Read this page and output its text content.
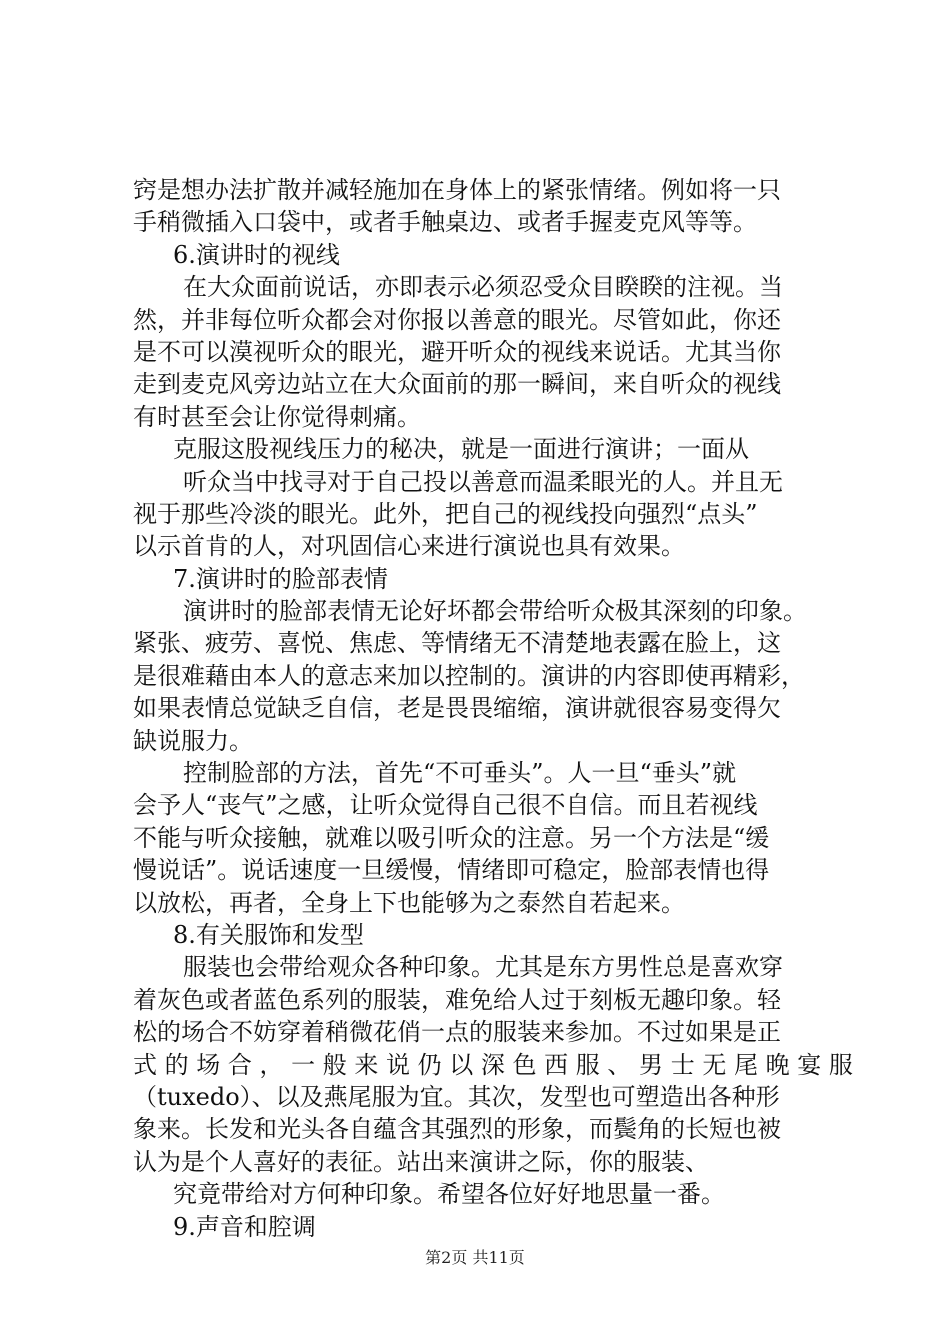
窍是想办法扩散并减轻施加在身体上的紧张情绪。例如将一只
手稍微插入口袋中，或者手触桌边、或者手握麦克风等等。
6.演讲时的视线
在大众面前说话，亦即表示必须忍受众目睽睽的注视。当
然，并非每位听众都会对你报以善意的眼光。尽管如此，你还
是不可以漠视听众的眼光，避开听众的视线来说话。尤其当你
走到麦克风旁边站立在大众面前的那一瞬间，来自听众的视线
有时甚至会让你觉得刺痛。
克服这股视线压力的秘决，就是一面进行演讲；一面从
听众当中找寻对于自己投以善意而温柔眼光的人。并且无
视于那些冷淡的眼光。此外，把自己的视线投向强烈“点头”
以示首肯的人，对巩固信心来进行演说也具有效果。
7.演讲时的脸部表情
演讲时的脸部表情无论好坏都会带给听众极其深刻的印象。
紧张、疲劳、喜悦、焦虑、等情绪无不清楚地表露在脸上，这
是很难藉由本人的意志来加以控制的。演讲的内容即使再精彩，
如果表情总觉缺乏自信，老是畏畏缩缩，演讲就很容易变得欠
缺说服力。
控制脸部的方法，首先“不可垂头”。人一旦“垂头”就
会予人“丧气”之感，让听众觉得自己很不自信。而且若视线
不能与听众接触，就难以吸引听众的注意。另一个方法是“缓
慢说话”。说话速度一旦缓慢，情绪即可稳定，脸部表情也得
以放松，再者，全身上下也能够为之泰然自若起来。
8.有关服饰和发型
服装也会带给观众各种印象。尤其是东方男性总是喜欢穿
着灰色或者蓝色系列的服装，难免给人过于刻板无趣印象。轻
松的场合不妨穿着稍微花俏一点的服装来参加。不过如果是正
式 的 场 合 ， 一 般 来 说 仍 以 深 色 西 服 、 男 士 无 尾 晚 宴 服
（tuxedo）、以及燕尾服为宜。其次，发型也可塑造出各种形
象来。长发和光头各自蕴含其强烈的形象，而鬓角的长短也被
认为是个人喜好的表征。站出来演讲之际，你的服装、
究竟带给对方何种印象。希望各位好好地思量一番。
9.声音和腔调
第2页 共11页
